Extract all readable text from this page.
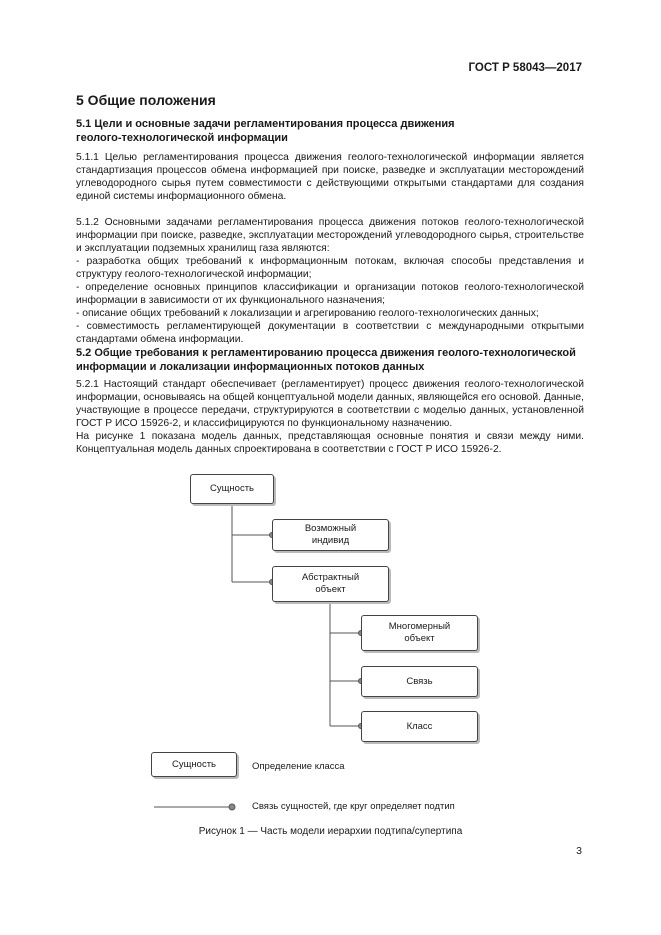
ГОСТ Р 58043—2017
5 Общие положения
5.1 Цели и основные задачи регламентирования процесса движения
геолого-технологической информации
5.1.1 Целью регламентирования процесса движения геолого-технологической информации является стандартизация процессов обмена информацией при поиске, разведке и эксплуатации месторождений углеводородного сырья путем совместимости с действующими открытыми стандартами для создания единой системы информационного обмена.
5.1.2 Основными задачами регламентирования процесса движения потоков геолого-технологической информации при поиске, разведке, эксплуатации месторождений углеводородного сырья, строительстве и эксплуатации подземных хранилищ газа являются:
- разработка общих требований к информационным потокам, включая способы представления и структуру геолого-технологической информации;
- определение основных принципов классификации и организации потоков геолого-технологической информации в зависимости от их функционального назначения;
- описание общих требований к локализации и агрегированию геолого-технологических данных;
- совместимость регламентирующей документации в соответствии с международными открытыми стандартами обмена информации.
5.2 Общие требования к регламентированию процесса движения геолого-технологической
информации и локализации информационных потоков данных
5.2.1 Настоящий стандарт обеспечивает (регламентирует) процесс движения геолого-технологической информации, основываясь на общей концептуальной модели данных, являющейся его основой. Данные, участвующие в процессе передачи, структурируются в соответствии с моделью данных, установленной ГОСТ Р ИСО 15926-2, и классифицируются по функциональному назначению.
На рисунке 1 показана модель данных, представляющая основные понятия и связи между ними. Концептуальная модель данных спроектирована в соответствии с ГОСТ Р ИСО 15926-2.
Сущность
Возможный
индивид
Абстрактный
объект
Многомерный
объект
Связь
Класс
Сущность	Определение класса
Связь сущностей, где круг определяет подтип
Рисунок 1 — Часть модели иерархии подтипа/супертипа
3
